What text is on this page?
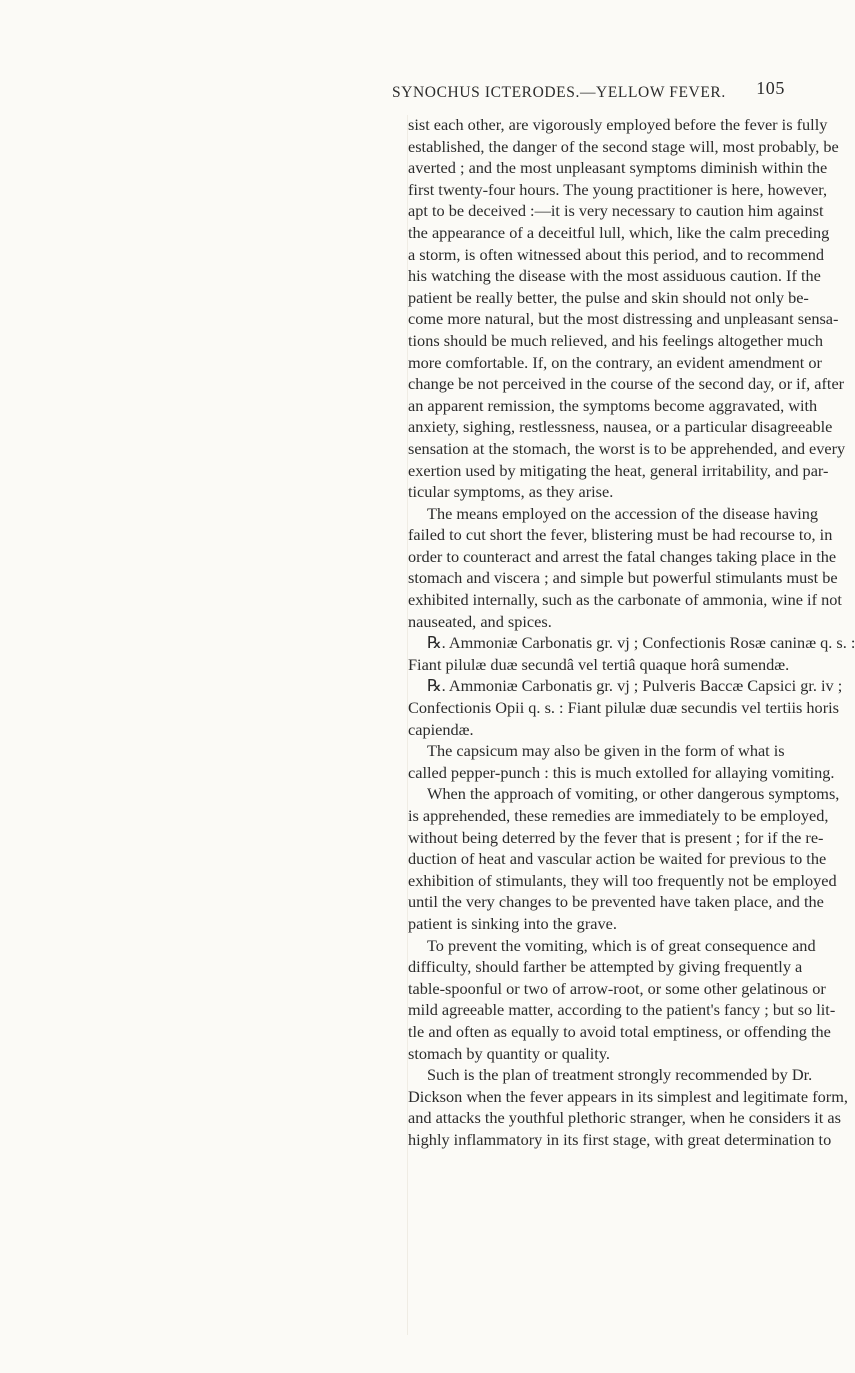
SYNOCHUS ICTERODES.—YELLOW FEVER. 105
sist each other, are vigorously employed before the fever is fully
established, the danger of the second stage will, most probably, be
averted ; and the most unpleasant symptoms diminish within the
first twenty-four hours. The young practitioner is here, however,
apt to be deceived :—it is very necessary to caution him against
the appearance of a deceitful lull, which, like the calm preceding
a storm, is often witnessed about this period, and to recommend
his watching the disease with the most assiduous caution. If the
patient be really better, the pulse and skin should not only be-
come more natural, but the most distressing and unpleasant sensa-
tions should be much relieved, and his feelings altogether much
more comfortable. If, on the contrary, an evident amendment or
change be not perceived in the course of the second day, or if, after
an apparent remission, the symptoms become aggravated, with
anxiety, sighing, restlessness, nausea, or a particular disagreeable
sensation at the stomach, the worst is to be apprehended, and every
exertion used by mitigating the heat, general irritability, and par-
ticular symptoms, as they arise.
The means employed on the accession of the disease having
failed to cut short the fever, blistering must be had recourse to, in
order to counteract and arrest the fatal changes taking place in the
stomach and viscera ; and simple but powerful stimulants must be
exhibited internally, such as the carbonate of ammonia, wine if not
nauseated, and spices.
℞. Ammoniæ Carbonatis gr. vj ; Confectionis Rosæ caninæ q. s. :
Fiant pilulæ duæ secundâ vel tertiâ quaque horâ sumendæ.
℞. Ammoniæ Carbonatis gr. vj ; Pulveris Baccæ Capsici gr. iv ;
Confectionis Opii q. s. : Fiant pilulæ duæ secundis vel tertiis horis
capiendæ.
The capsicum may also be given in the form of what is
called pepper-punch : this is much extolled for allaying vomiting.
When the approach of vomiting, or other dangerous symptoms,
is apprehended, these remedies are immediately to be employed,
without being deterred by the fever that is present ; for if the re-
duction of heat and vascular action be waited for previous to the
exhibition of stimulants, they will too frequently not be employed
until the very changes to be prevented have taken place, and the
patient is sinking into the grave.
To prevent the vomiting, which is of great consequence and
difficulty, should farther be attempted by giving frequently a
table-spoonful or two of arrow-root, or some other gelatinous or
mild agreeable matter, according to the patient's fancy ; but so lit-
tle and often as equally to avoid total emptiness, or offending the
stomach by quantity or quality.
Such is the plan of treatment strongly recommended by Dr.
Dickson when the fever appears in its simplest and legitimate form,
and attacks the youthful plethoric stranger, when he considers it as
highly inflammatory in its first stage, with great determination to
